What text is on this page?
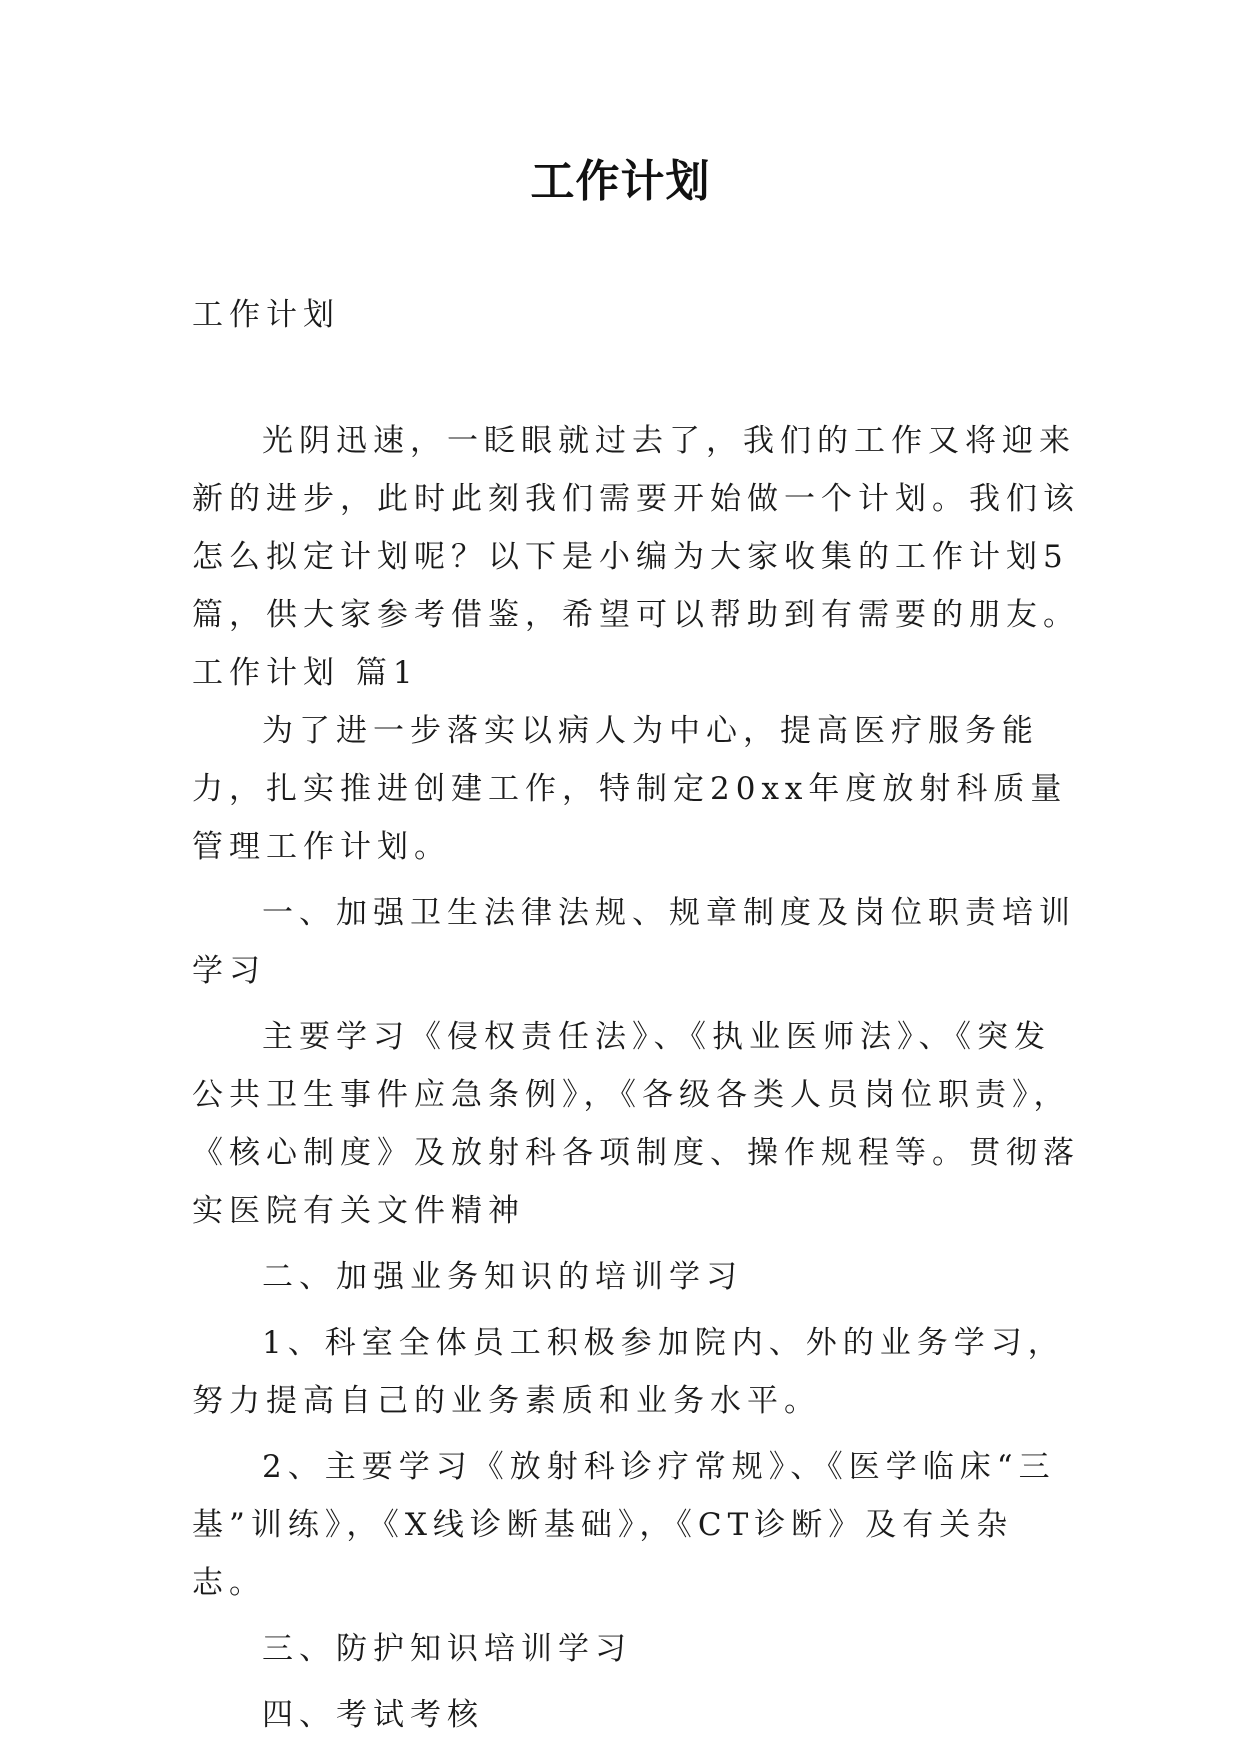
工作计划

工作计划

光阴迅速，一眨眼就过去了，我们的工作又将迎来新的进步，此时此刻我们需要开始做一个计划。我们该怎么拟定计划呢？以下是小编为大家收集的工作计划5篇，供大家参考借鉴，希望可以帮助到有需要的朋友。

工作计划 篇1

为了进一步落实以病人为中心，提高医疗服务能力，扎实推进创建工作，特制定20xx年度放射科质量管理工作计划。

一、加强卫生法律法规、规章制度及岗位职责培训学习

主要学习《侵权责任法》、《执业医师法》、《突发公共卫生事件应急条例》，《各级各类人员岗位职责》，《核心制度》及放射科各项制度、操作规程等。贯彻落实医院有关文件精神

二、加强业务知识的培训学习

1、科室全体员工积极参加院内、外的业务学习，努力提高自己的业务素质和业务水平。

2、主要学习《放射科诊疗常规》、《医学临床“三基”训练》，《X线诊断基础》，《CT诊断》及有关杂志。

三、防护知识培训学习

四、考试考核
